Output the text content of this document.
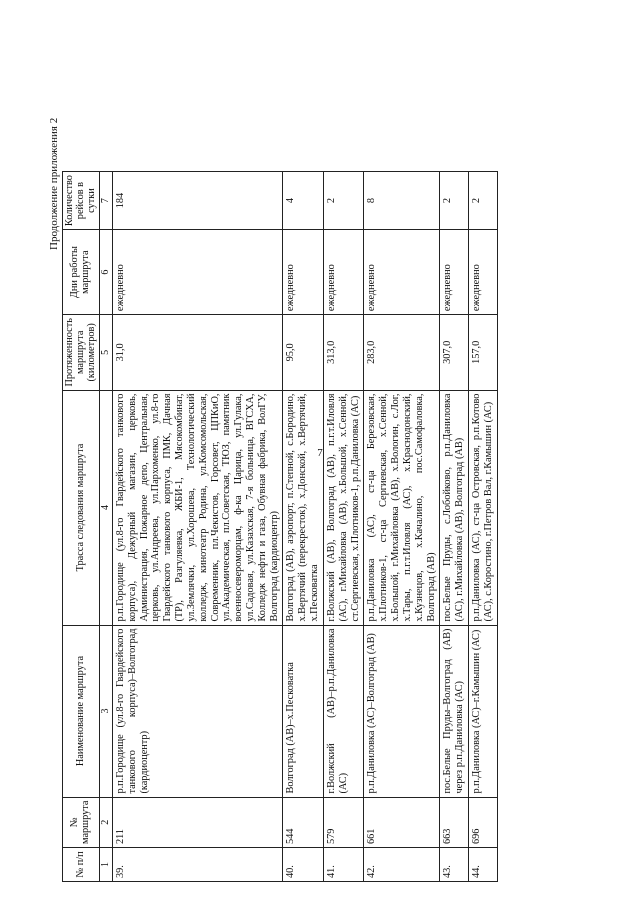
7
Продолжение приложения 2
№ п/п	№ маршрута	Наименование маршрута	Трасса следования маршрута	Протяженность маршрута (километров)	Дни работы маршрута	Количество рейсов в сутки
1	2	3	4	5	6	7
39.	211	р.п.Городище (ул.8-го Гвардейского танкового корпуса)–Волгоград (кардиоцентр)	р.п.Городище (ул.8-го Гвардейского танкового корпуса), Дежурный магазин, церковь, Администрация, Пожарное депо, Центральная, церковь, ул.Андреева, ул.Пархоменко, ул.8-го Гвардейского танкового корпуса, ПМК, Дачная (ТР), Разгуляевка, ЖБИ-1, Мясокомбинат, ул.Землячки, ул.Хорошева, Технологический колледж, кинотеатр Родина, ул.Комсомольская, Современник, пл.Чекистов, Горсовет, ЦПКиО, ул.Академическая, пл.Советская, ТЮЗ, памятник военносевероморцам, ф-ка Царица, ул.Гулака, ул.Садовая, ул.Казахская, 7-я больница, ВГСХА, Колледж нефти и газа, Обувная фабрика, ВолГУ, Волгоград (кардиоцентр)	31,0	ежедневно	184
40.	544	Волгоград (АВ)–х.Песковатка	Волгоград (АВ), аэропорт, п.Степной, с.Бородино, х.Вертячий (перекресток), х.Донской, х.Вертячий, х.Песковатка	95,0	ежедневно	4
41.	579	г.Волжский (АВ)–р.п.Даниловка (АС)	г.Волжский (АВ), Волгоград (АВ), п.г.т.Иловля (АС), г.Михайловка (АВ), х.Большой, х.Сенной, ст.Сергиевская, х.Плотников-1, р.п.Даниловка (АС)	313,0	ежедневно	2
42.	661	р.п.Даниловка (АС)–Волгоград (АВ)	р.п.Даниловка (АС), ст-ца Березовская, х.Плотников-1, ст-ца Сергиевская, х.Сенной, х.Большой, г.Михайловка (АВ), х.Вологин, с.Лог, х.Тары, п.г.т.Иловля (АС), х.Краснодонский, х.Кузнецов, х.Качалино, пос.Самофаловка, Волгоград (АВ)	283,0	ежедневно	8
43.	663	пос.Белые Пруды–Волгоград (АВ) через р.п.Даниловка (АС)	пос.Белые Пруды, с.Лобойково, р.п.Даниловка (АС), г.Михайловка (АВ), Волгоград (АВ)	307,0	ежедневно	2
44.	696	р.п.Даниловка (АС)–г.Камышин (АС)	р.п.Даниловка (АС), ст-ца Островская, р.п.Котово (АС), с.Коростино, г.Петров Вал, г.Камышин (АС)	157,0	ежедневно	2
